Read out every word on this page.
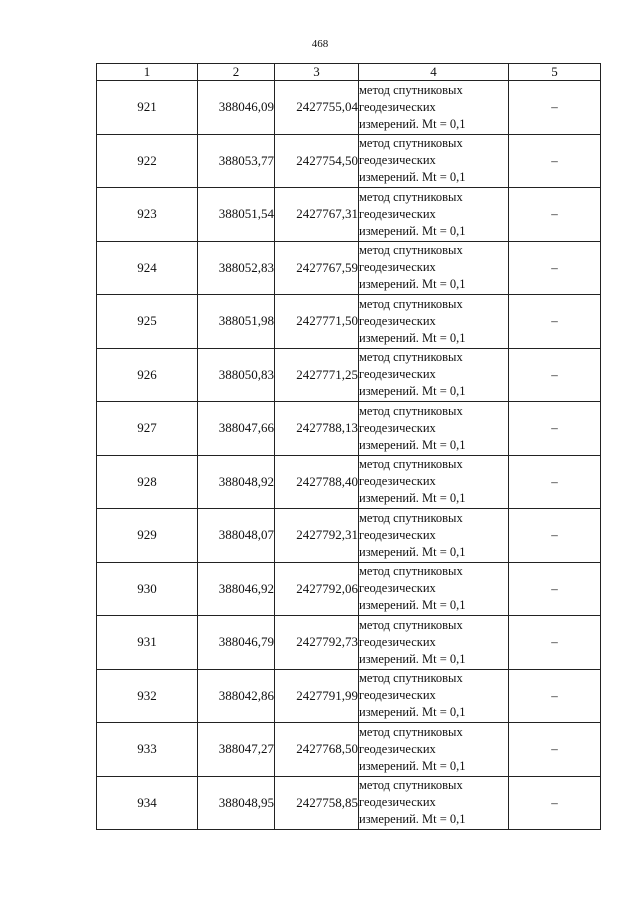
468
1	2	3	4	5
921	388046,09	2427755,04	метод спутниковых
геодезических
измерений. Mt = 0,1	–
922	388053,77	2427754,50	метод спутниковых
геодезических
измерений. Mt = 0,1	–
923	388051,54	2427767,31	метод спутниковых
геодезических
измерений. Mt = 0,1	–
924	388052,83	2427767,59	метод спутниковых
геодезических
измерений. Mt = 0,1	–
925	388051,98	2427771,50	метод спутниковых
геодезических
измерений. Mt = 0,1	–
926	388050,83	2427771,25	метод спутниковых
геодезических
измерений. Mt = 0,1	–
927	388047,66	2427788,13	метод спутниковых
геодезических
измерений. Mt = 0,1	–
928	388048,92	2427788,40	метод спутниковых
геодезических
измерений. Mt = 0,1	–
929	388048,07	2427792,31	метод спутниковых
геодезических
измерений. Mt = 0,1	–
930	388046,92	2427792,06	метод спутниковых
геодезических
измерений. Mt = 0,1	–
931	388046,79	2427792,73	метод спутниковых
геодезических
измерений. Mt = 0,1	–
932	388042,86	2427791,99	метод спутниковых
геодезических
измерений. Mt = 0,1	–
933	388047,27	2427768,50	метод спутниковых
геодезических
измерений. Mt = 0,1	–
934	388048,95	2427758,85	метод спутниковых
геодезических
измерений. Mt = 0,1	–
